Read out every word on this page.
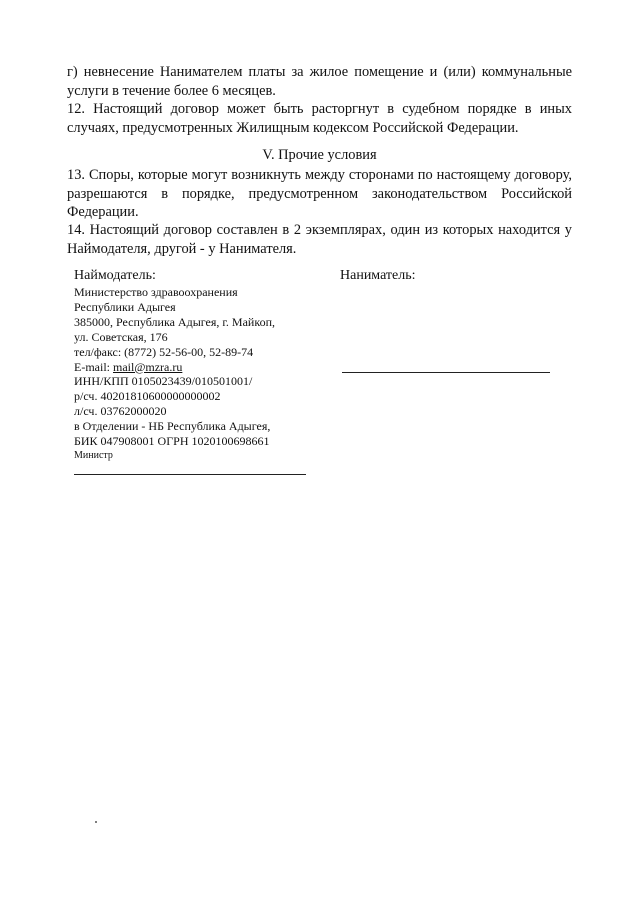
г) невнесение Нанимателем платы за жилое помещение и (или) коммунальные услуги в течение более 6 месяцев.

12. Настоящий договор может быть расторгнут в судебном порядке в иных случаях, предусмотренных Жилищным кодексом Российской Федерации.

V. Прочие условия

13. Споры, которые могут возникнуть между сторонами по настоящему договору, разрешаются в порядке, предусмотренном законодательством Российской Федерации.

14. Настоящий договор составлен в 2 экземплярах, один из которых находится у Наймодателя, другой - у Нанимателя.

Наймодатель:	Наниматель:

Министерство здравоохранения
Республики Адыгея
385000, Республика Адыгея, г. Майкоп,
ул. Советская, 176
тел/факс: (8772) 52-56-00, 52-89-74
E-mail: mail@mzra.ru
ИНН/КПП 0105023439/010501001/
р/сч. 40201810600000000002
л/сч. 03762000020
в Отделении - НБ Республика Адыгея,
БИК 047908001 ОГРН 1020100698661
Министр
